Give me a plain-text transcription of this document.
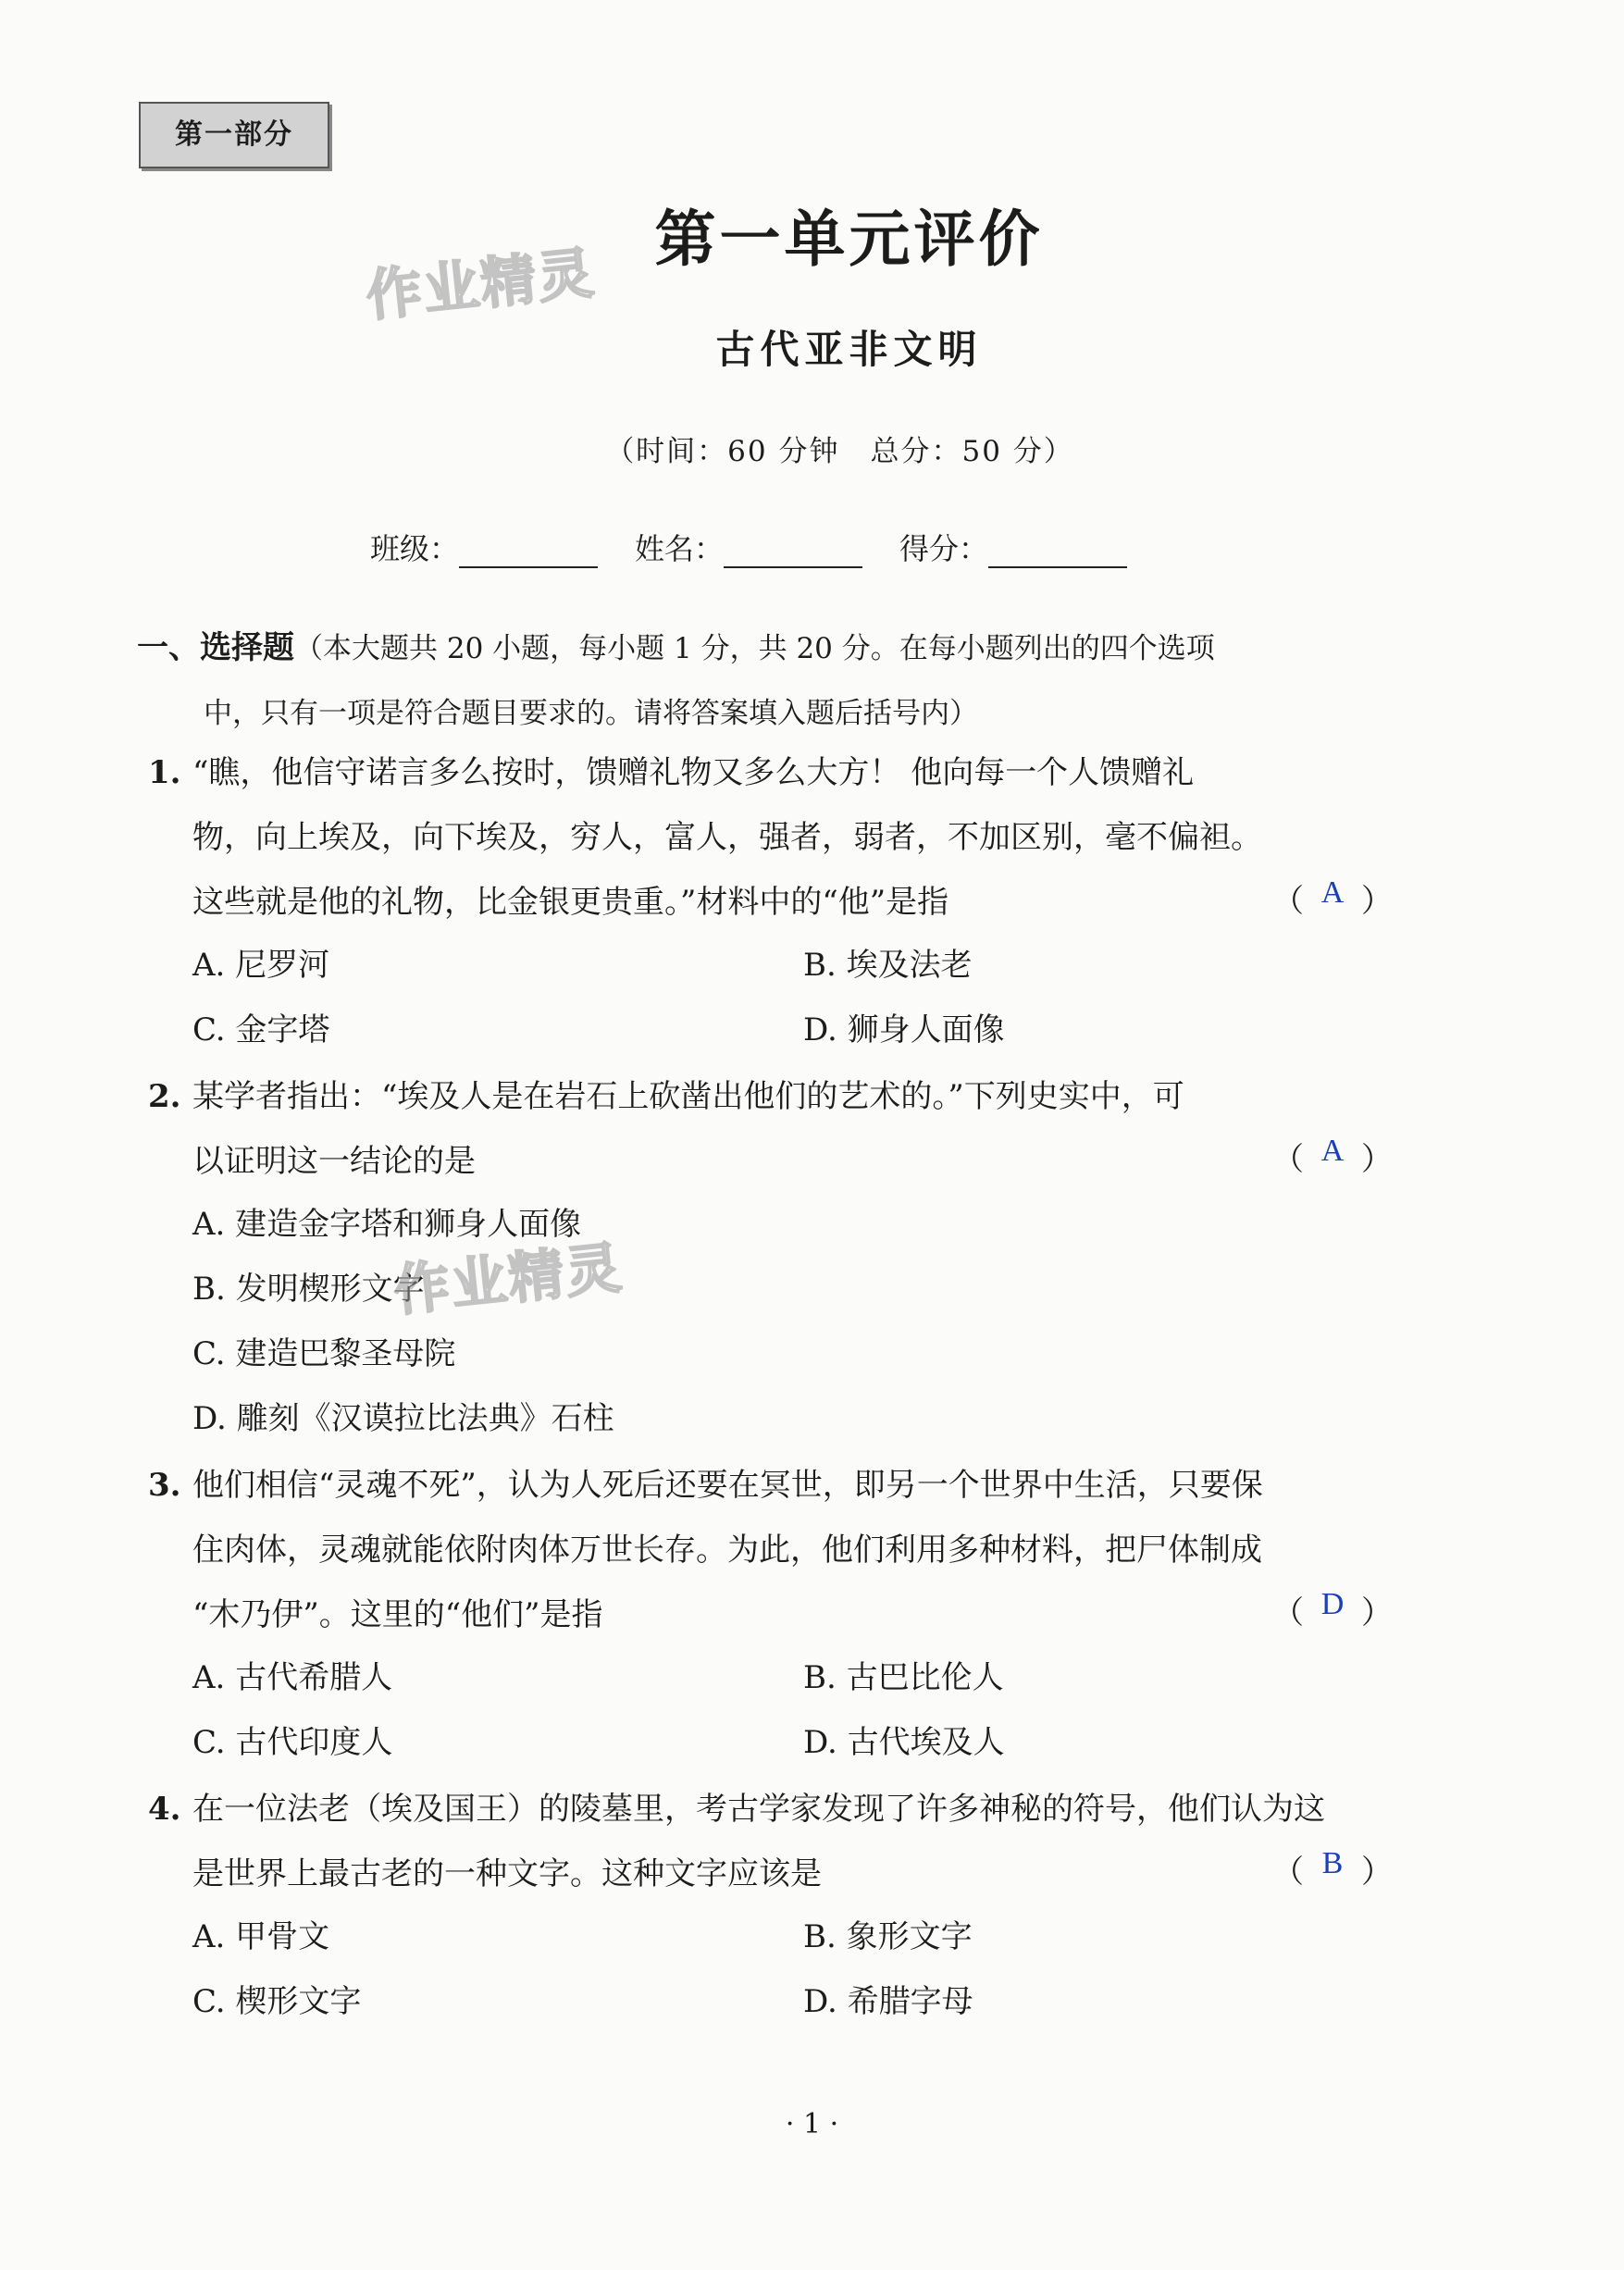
第一部分
第一单元评价
作业精灵
古代亚非文明
（时间：60 分钟　总分：50 分）
班级：	姓名：	得分：
一、选择题（本大题共 20 小题，每小题 1 分，共 20 分。在每小题列出的四个选项
中，只有一项是符合题目要求的。请将答案填入题后括号内）
1. “瞧，他信守诺言多么按时，馈赠礼物又多么大方！ 他向每一个人馈赠礼
物，向上埃及，向下埃及，穷人，富人，强者，弱者，不加区别，毫不偏袒。
这些就是他的礼物，比金银更贵重。”材料中的“他”是指	（ A ）
A. 尼罗河	B. 埃及法老
C. 金字塔	D. 狮身人面像
2. 某学者指出：“埃及人是在岩石上砍凿出他们的艺术的。”下列史实中，可
以证明这一结论的是	（ A ）
A. 建造金字塔和狮身人面像
B. 发明楔形文字
作业精灵
C. 建造巴黎圣母院
D. 雕刻《汉谟拉比法典》石柱
3. 他们相信“灵魂不死”，认为人死后还要在冥世，即另一个世界中生活，只要保
住肉体，灵魂就能依附肉体万世长存。为此，他们利用多种材料，把尸体制成
“木乃伊”。这里的“他们”是指	（ D ）
A. 古代希腊人	B. 古巴比伦人
C. 古代印度人	D. 古代埃及人
4. 在一位法老（埃及国王）的陵墓里，考古学家发现了许多神秘的符号，他们认为这
是世界上最古老的一种文字。这种文字应该是	（ B ）
A. 甲骨文	B. 象形文字
C. 楔形文字	D. 希腊字母
· 1 ·
